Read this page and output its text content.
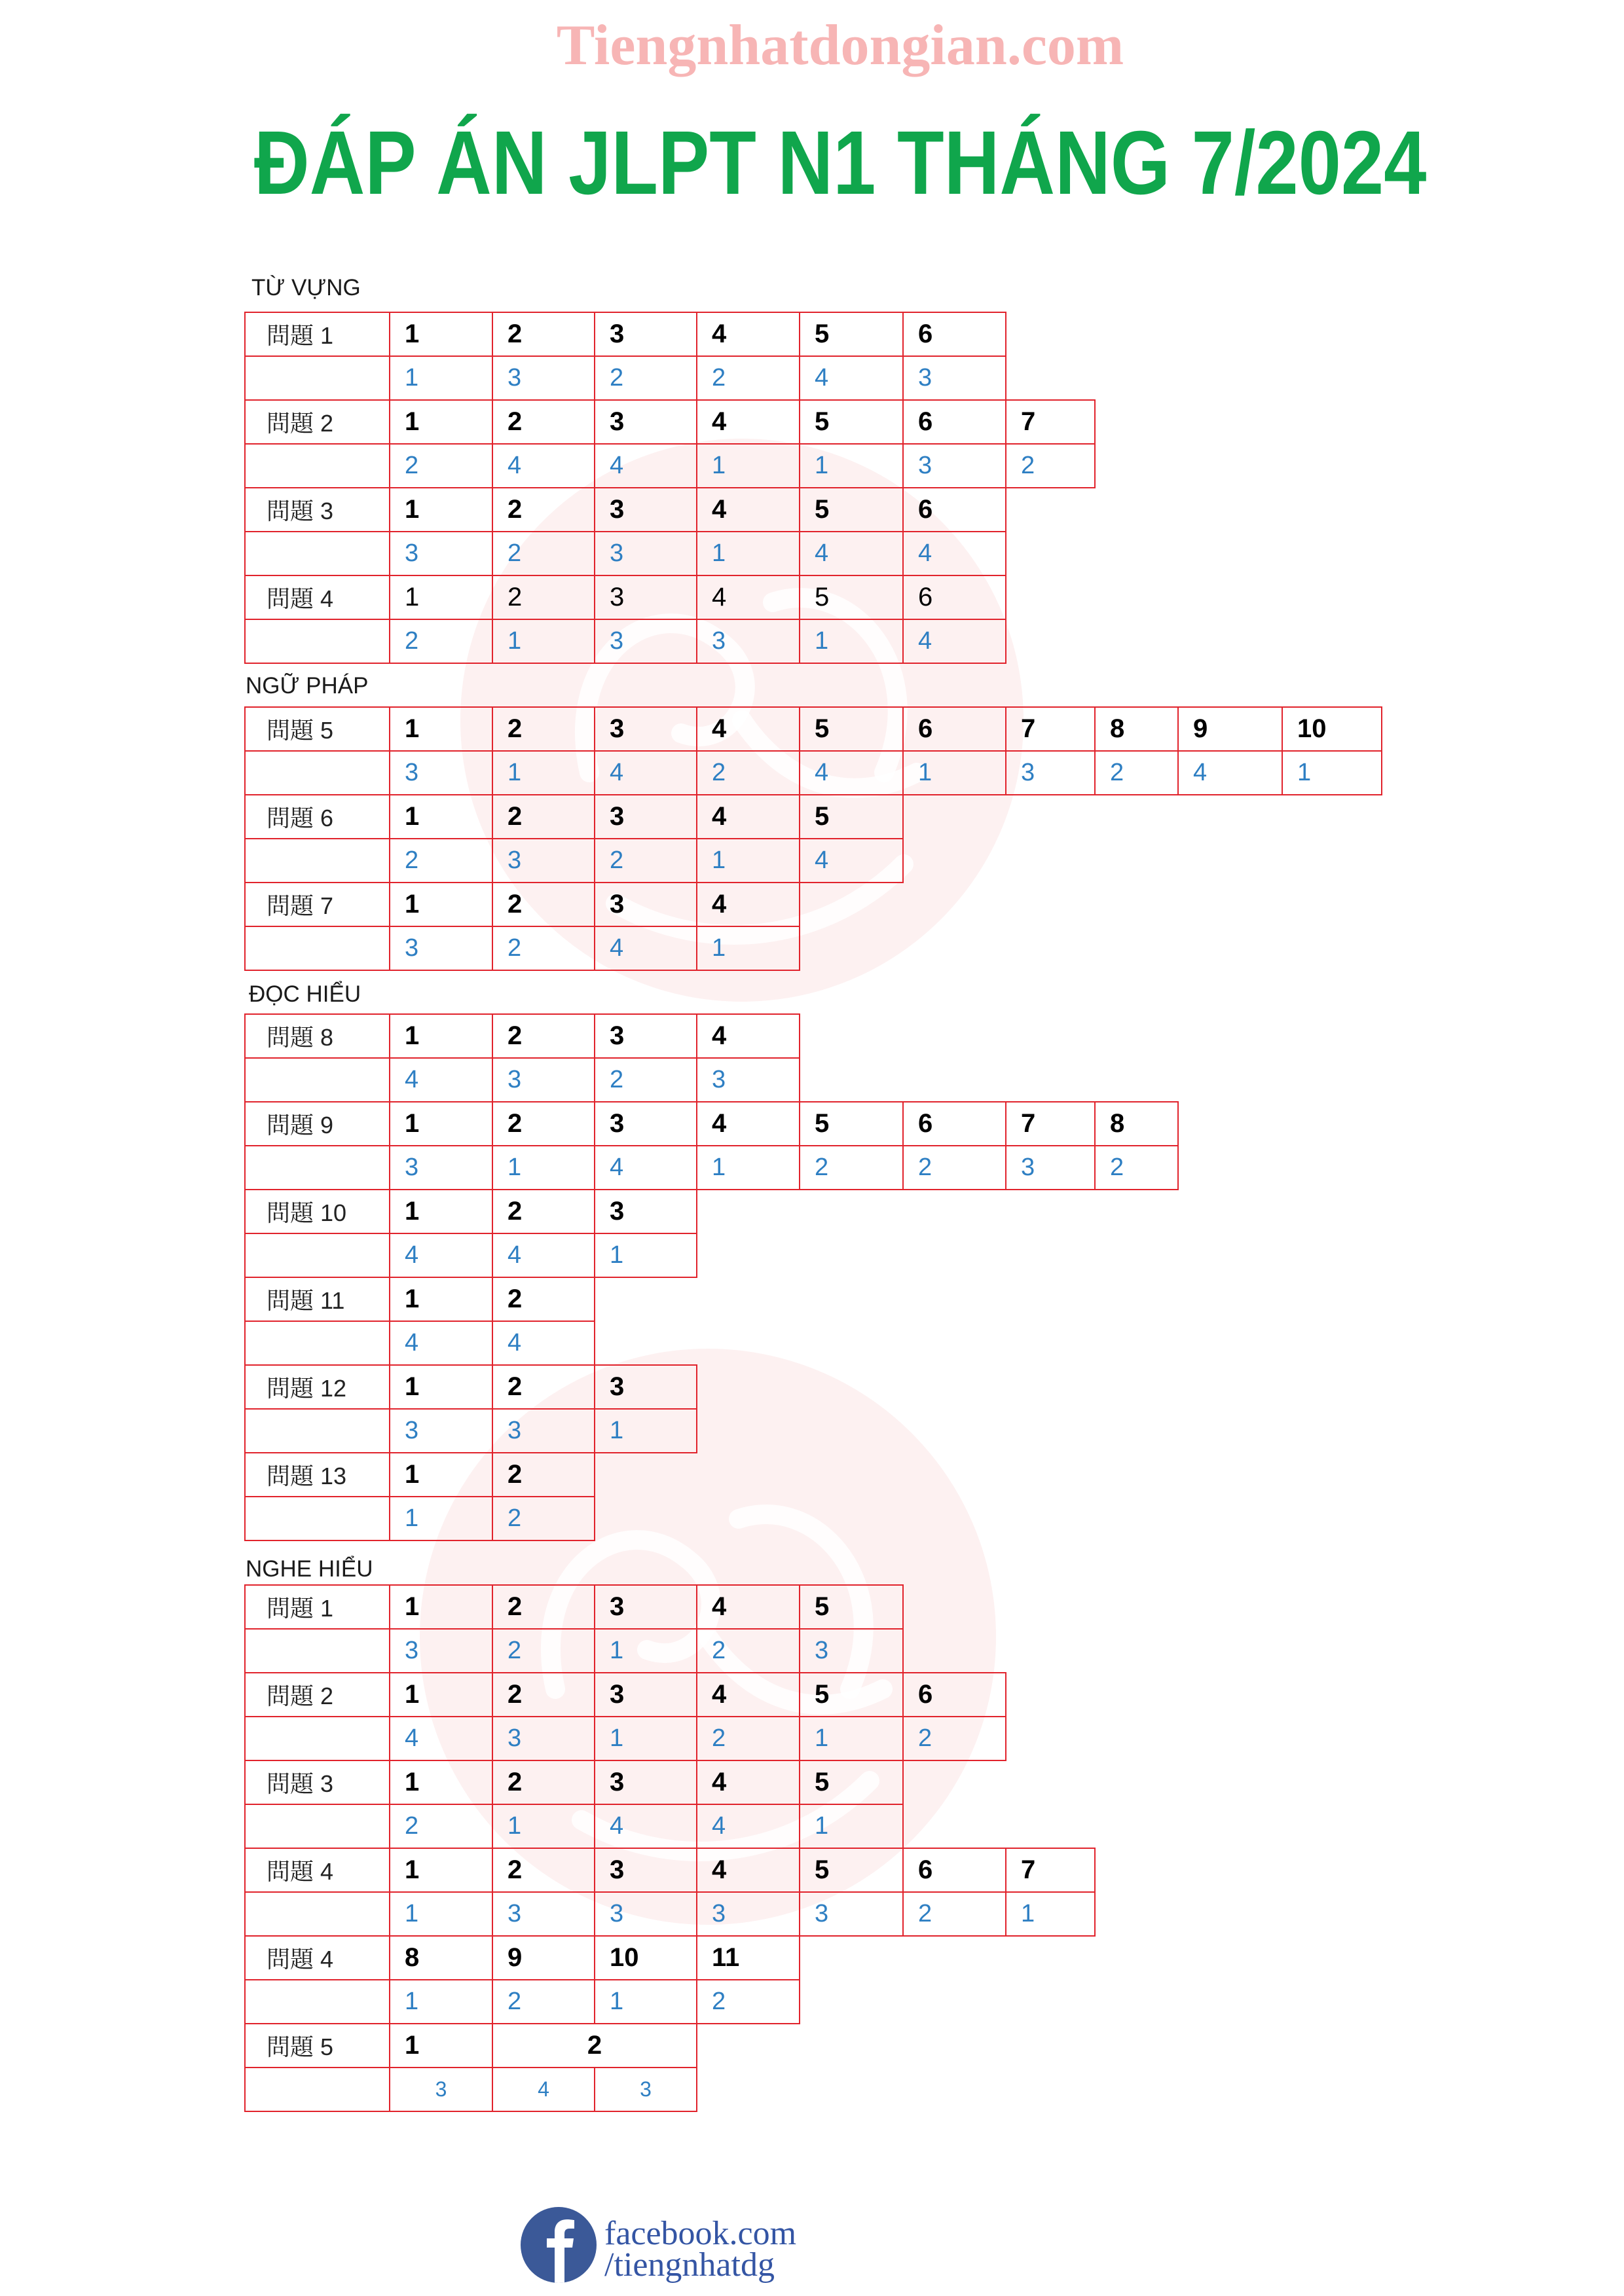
Tiengnhatdongian.com
ĐÁP ÁN JLPT N1 THÁNG 7/2024
TỪ VỰNG
問題 1	1	2	3	4	5	6
1	3	2	2	4	3
問題 2	1	2	3	4	5	6	7
2	4	4	1	1	3	2
問題 3	1	2	3	4	5	6
3	2	3	1	4	4
問題 4	1	2	3	4	5	6
2	1	3	3	1	4
NGỮ PHÁP
問題 5	1	2	3	4	5	6	7	8	9	10
3	1	4	2	4	1	3	2	4	1
問題 6	1	2	3	4	5
2	3	2	1	4
問題 7	1	2	3	4
3	2	4	1
ĐỌC HIỂU
問題 8	1	2	3	4
4	3	2	3
問題 9	1	2	3	4	5	6	7	8
3	1	4	1	2	2	3	2
問題 10	1	2	3
4	4	1
問題 11	1	2
4	4
問題 12	1	2	3
3	3	1
問題 13	1	2
1	2
NGHE HIỂU
問題 1	1	2	3	4	5
3	2	1	2	3
問題 2	1	2	3	4	5	6
4	3	1	2	1	2
問題 3	1	2	3	4	5
2	1	4	4	1
問題 4	1	2	3	4	5	6	7
1	3	3	3	3	2	1
問題 4	8	9	10	11
1	2	1	2
問題 5	1	2
3	4	3
facebook.com
/tiengnhatdg
